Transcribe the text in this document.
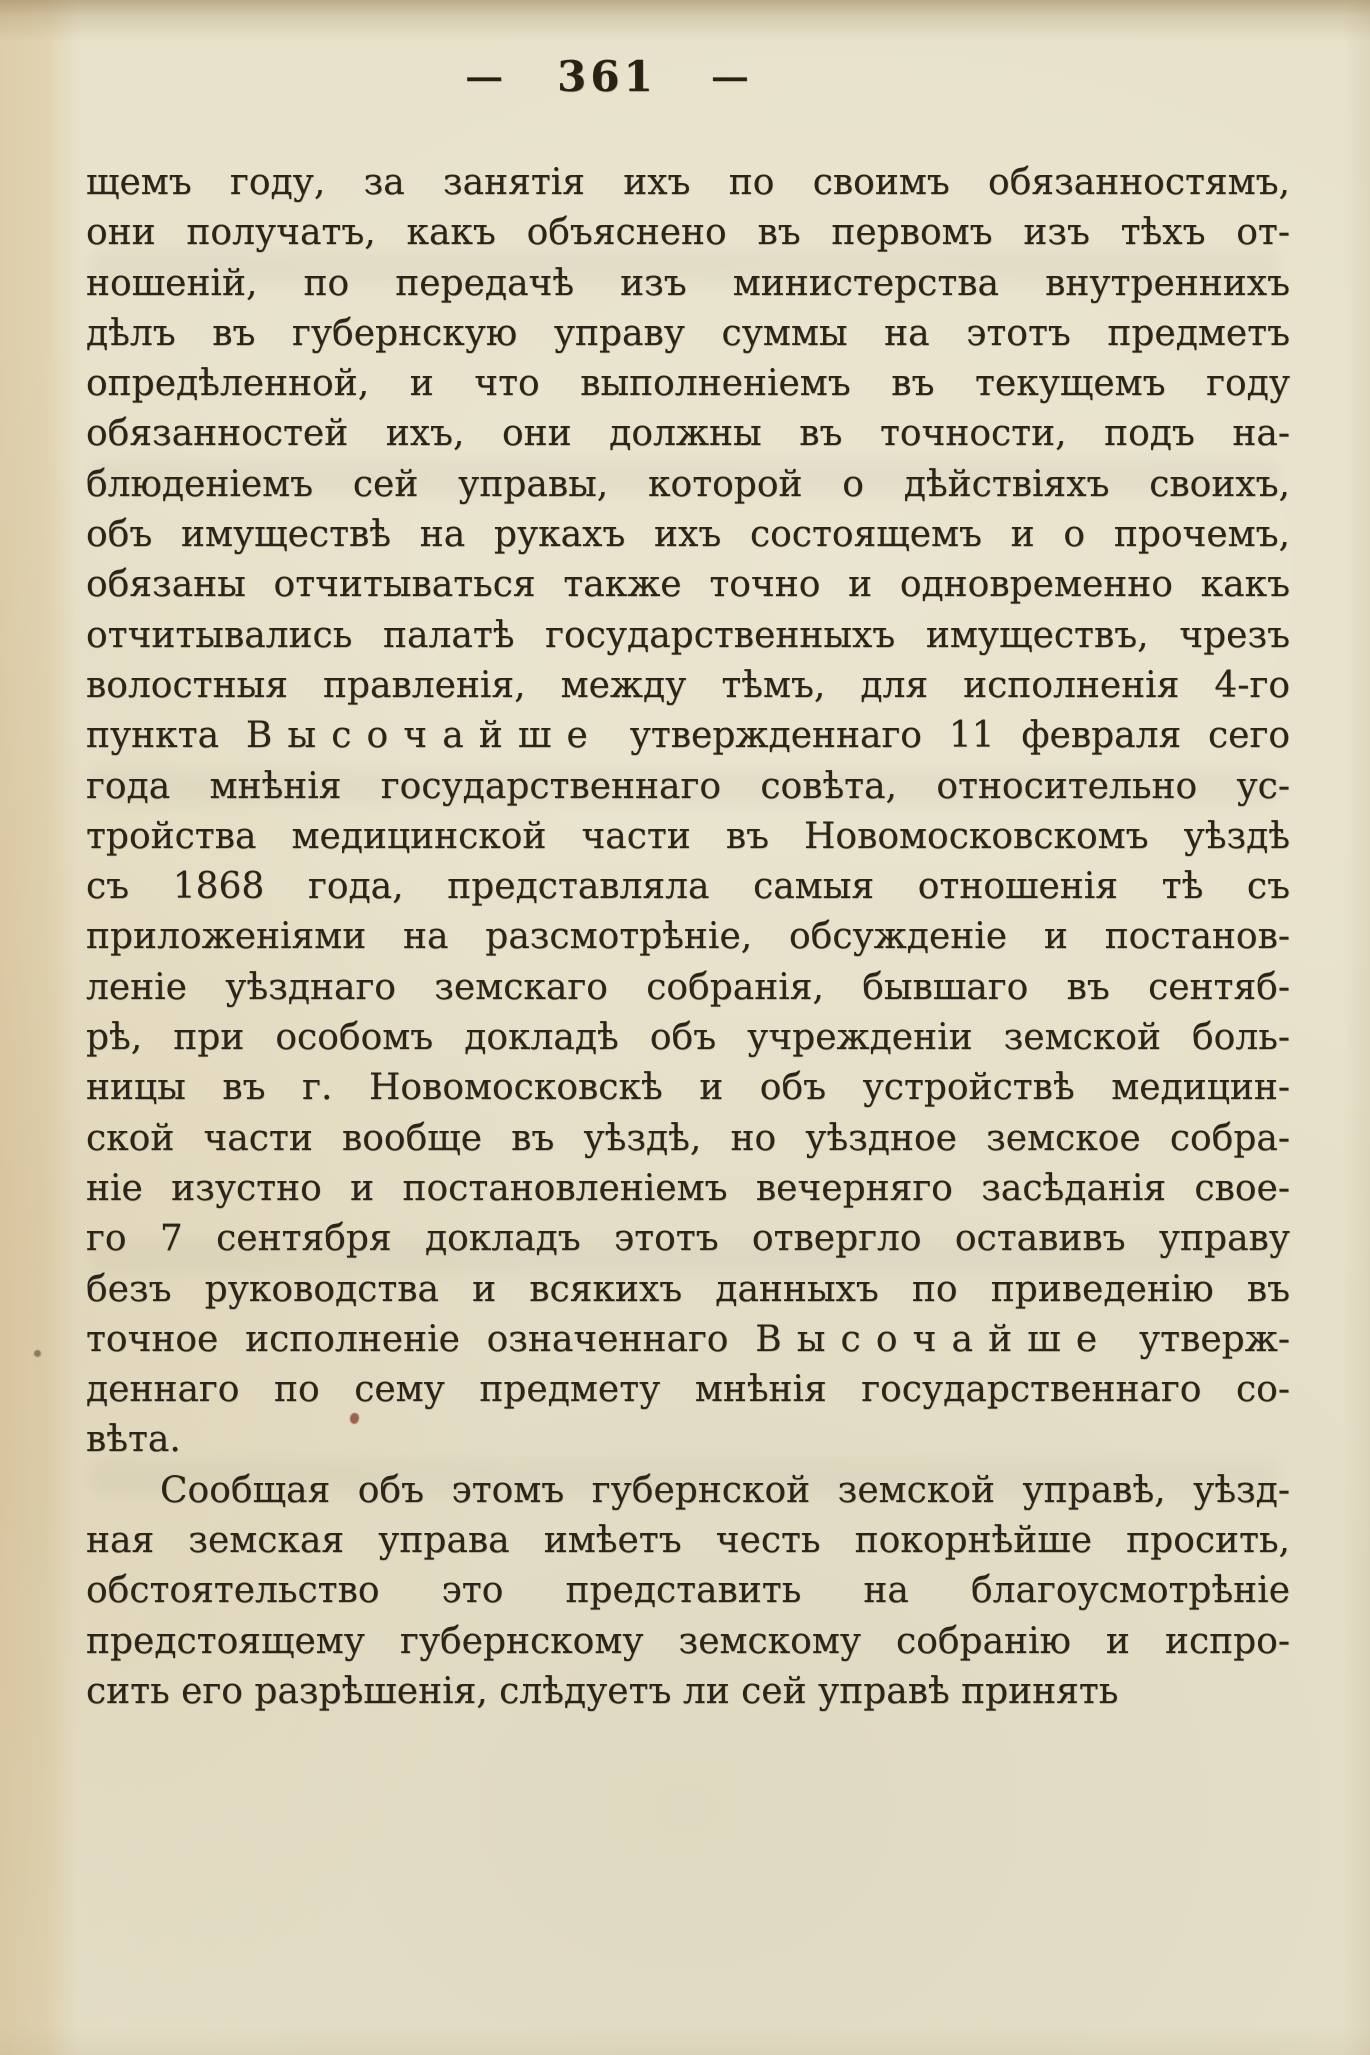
— 361 —
щемъ году, за занятія ихъ по своимъ обязанностямъ,
они получатъ, какъ объяснено въ первомъ изъ тѣхъ от-
ношеній, по передачѣ изъ министерства внутреннихъ
дѣлъ въ губернскую управу суммы на этотъ предметъ
опредѣленной, и что выполненіемъ въ текущемъ году
обязанностей ихъ, они должны въ точности, подъ на-
блюденіемъ сей управы, которой о дѣйствіяхъ своихъ,
объ имуществѣ на рукахъ ихъ состоящемъ и о прочемъ,
обязаны отчитываться также точно и одновременно какъ
отчитывались палатѣ государственныхъ имуществъ, чрезъ
волостныя правленія, между тѣмъ, для исполненія 4-го
пункта Высочайше утвержденнаго 11 февраля сего
года мнѣнія государственнаго совѣта, относительно ус-
тройства медицинской части въ Новомосковскомъ уѣздѣ
съ 1868 года, представляла самыя отношенія тѣ съ
приложеніями на разсмотрѣніе, обсужденіе и постанов-
леніе уѣзднаго земскаго собранія, бывшаго въ сентяб-
рѣ, при особомъ докладѣ объ учрежденіи земской боль-
ницы въ г. Новомосковскѣ и объ устройствѣ медицин-
ской части вообще въ уѣздѣ, но уѣздное земское собра-
ніе изустно и постановленіемъ вечерняго засѣданія свое-
го 7 сентября докладъ этотъ отвергло оставивъ управу
безъ руководства и всякихъ данныхъ по приведенію въ
точное исполненіе означеннаго Высочайше утверж-
деннаго по сему предмету мнѣнія государственнаго со-
вѣта.
Сообщая объ этомъ губернской земской управѣ, уѣзд-
ная земская управа имѣетъ честь покорнѣйше просить,
обстоятельство это представить на благоусмотрѣніе
предстоящему губернскому земскому собранію и испро-
сить его разрѣшенія, слѣдуетъ ли сей управѣ принять
